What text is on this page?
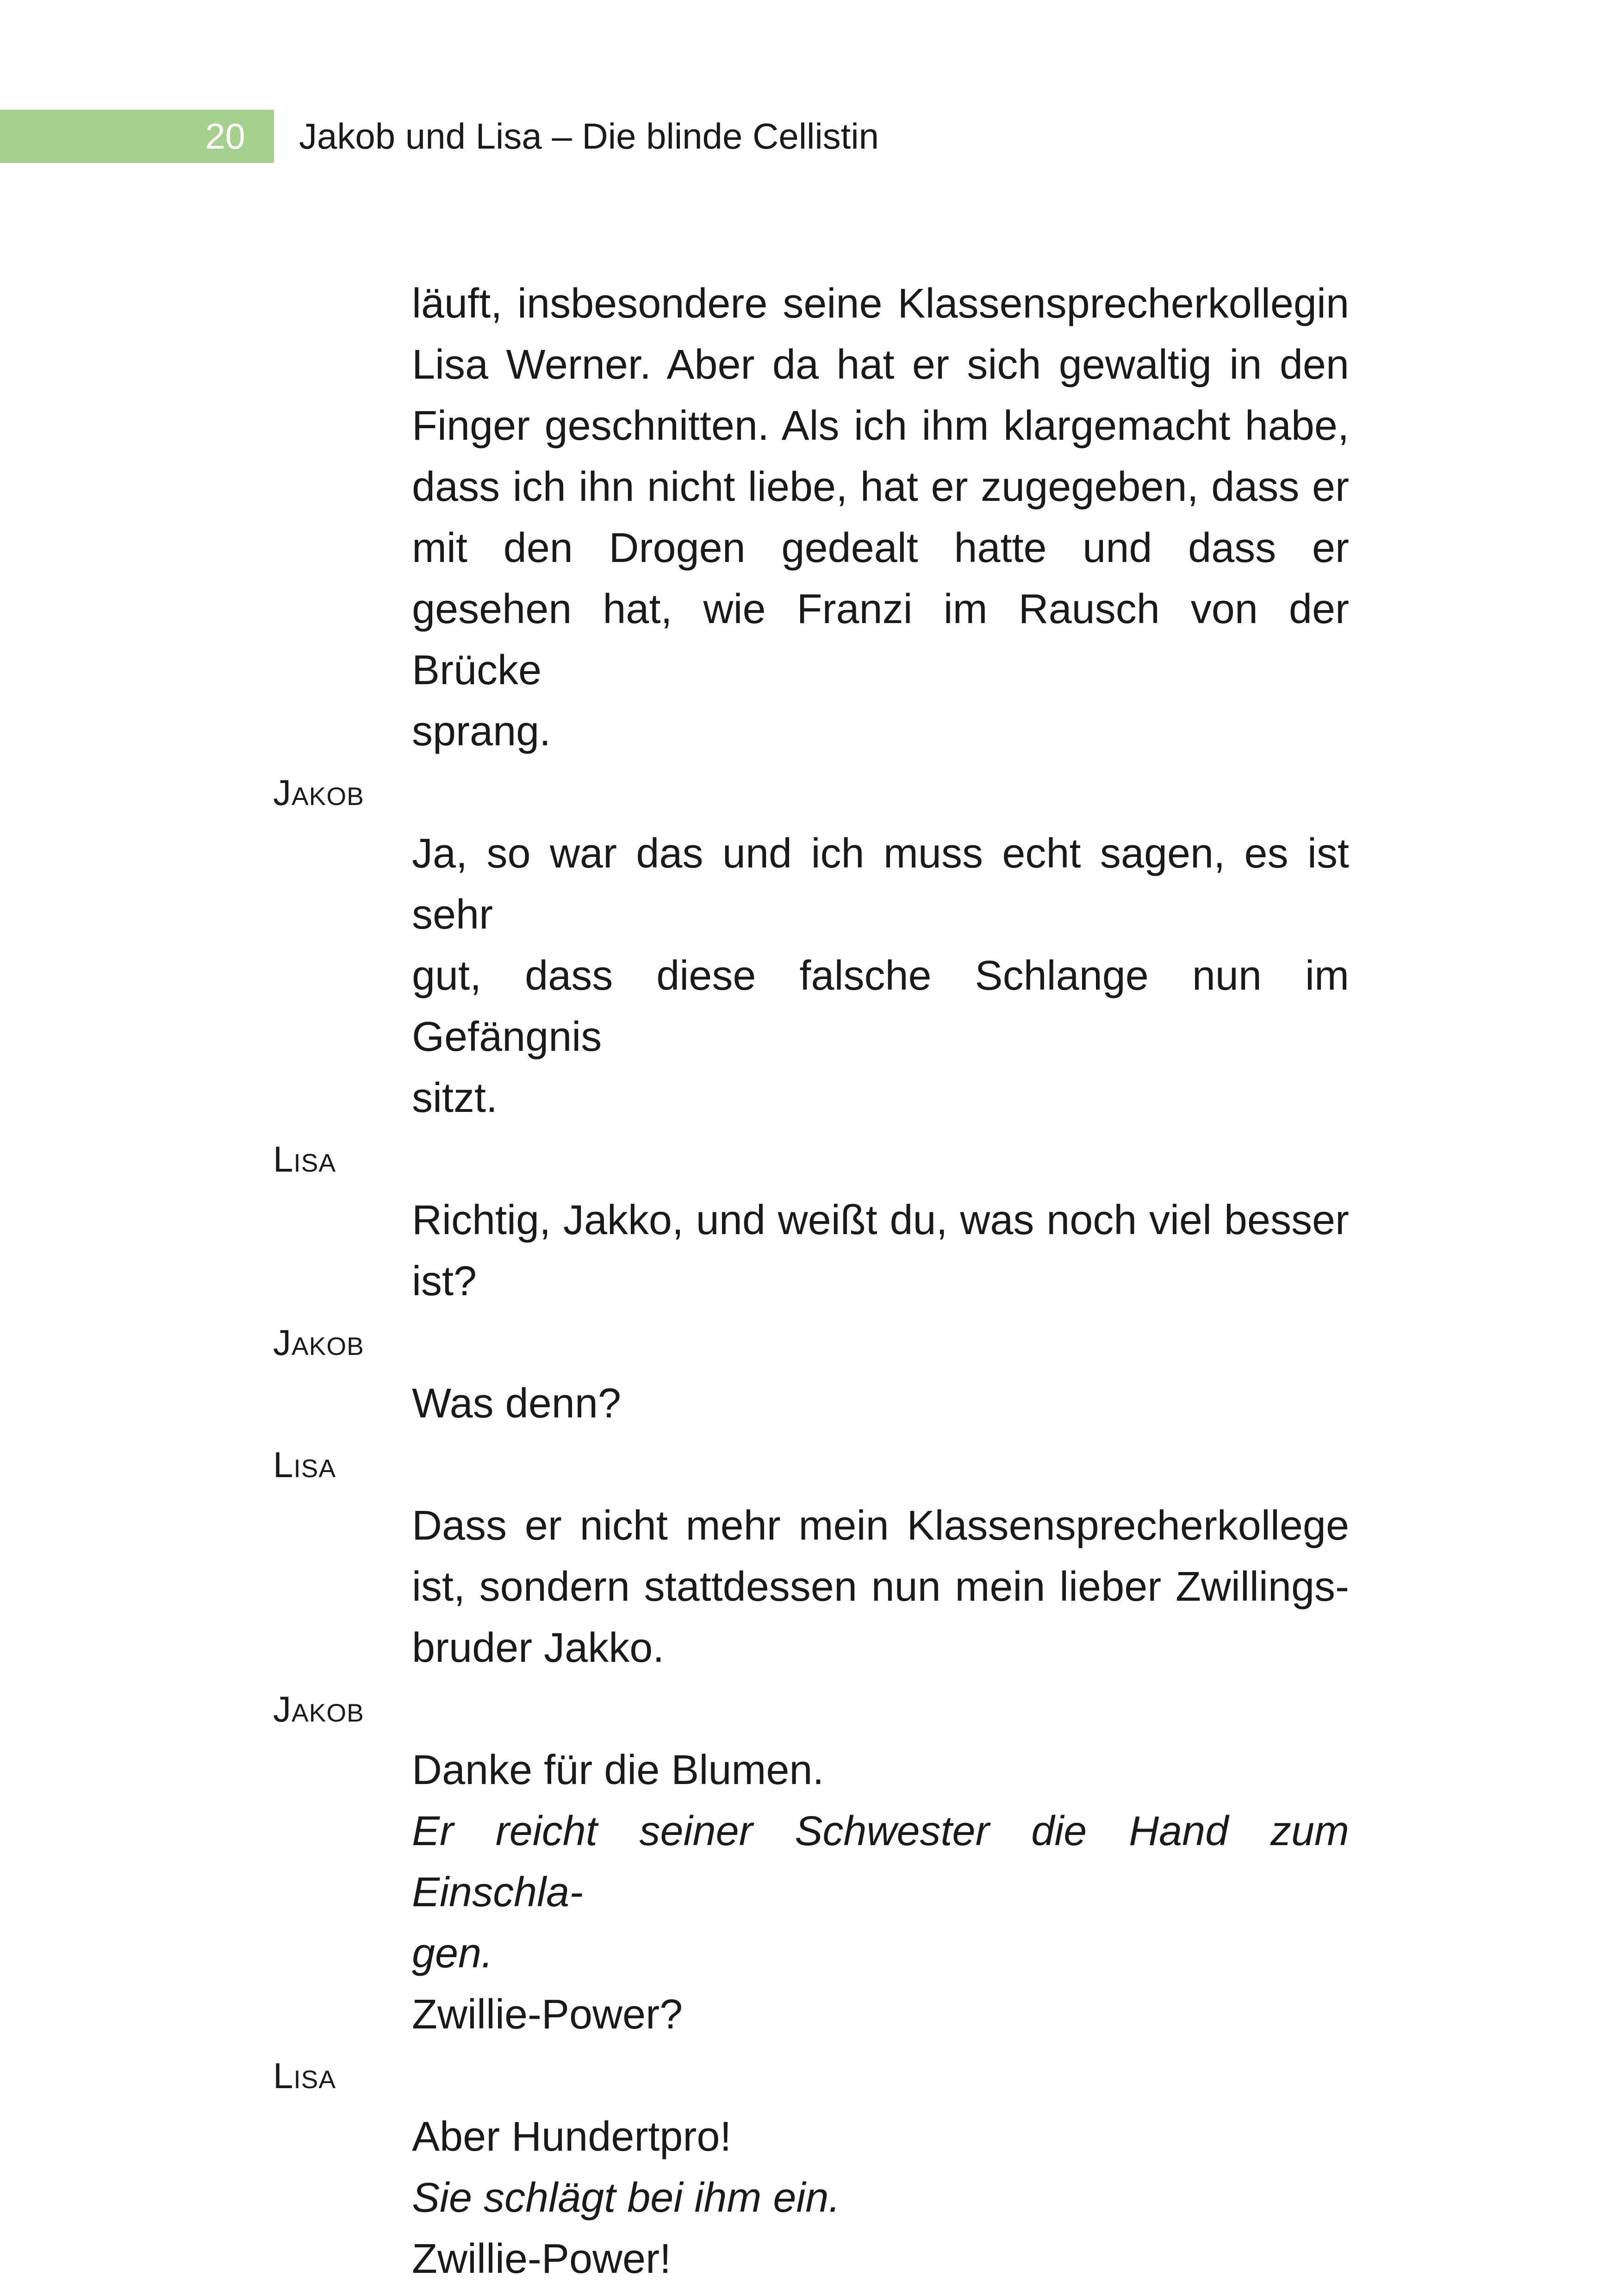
20 Jakob und Lisa – Die blinde Cellistin
läuft, insbesondere seine Klassensprecherkollegin
Lisa Werner. Aber da hat er sich gewaltig in den
Finger geschnitten. Als ich ihm klargemacht habe,
dass ich ihn nicht liebe, hat er zugegeben, dass er
mit den Drogen gedealt hatte und dass er
gesehen hat, wie Franzi im Rausch von der Brücke
sprang.
Jakob
Ja, so war das und ich muss echt sagen, es ist sehr
gut, dass diese falsche Schlange nun im Gefängnis
sitzt.
Lisa
Richtig, Jakko, und weißt du, was noch viel besser
ist?
Jakob
Was denn?
Lisa
Dass er nicht mehr mein Klassensprecherkollege
ist, sondern stattdessen nun mein lieber Zwillings-
bruder Jakko.
Jakob
Danke für die Blumen.
Er reicht seiner Schwester die Hand zum Einschla-
gen.
Zwillie-Power?
Lisa
Aber Hundertpro!
Sie schlägt bei ihm ein.
Zwillie-Power!
